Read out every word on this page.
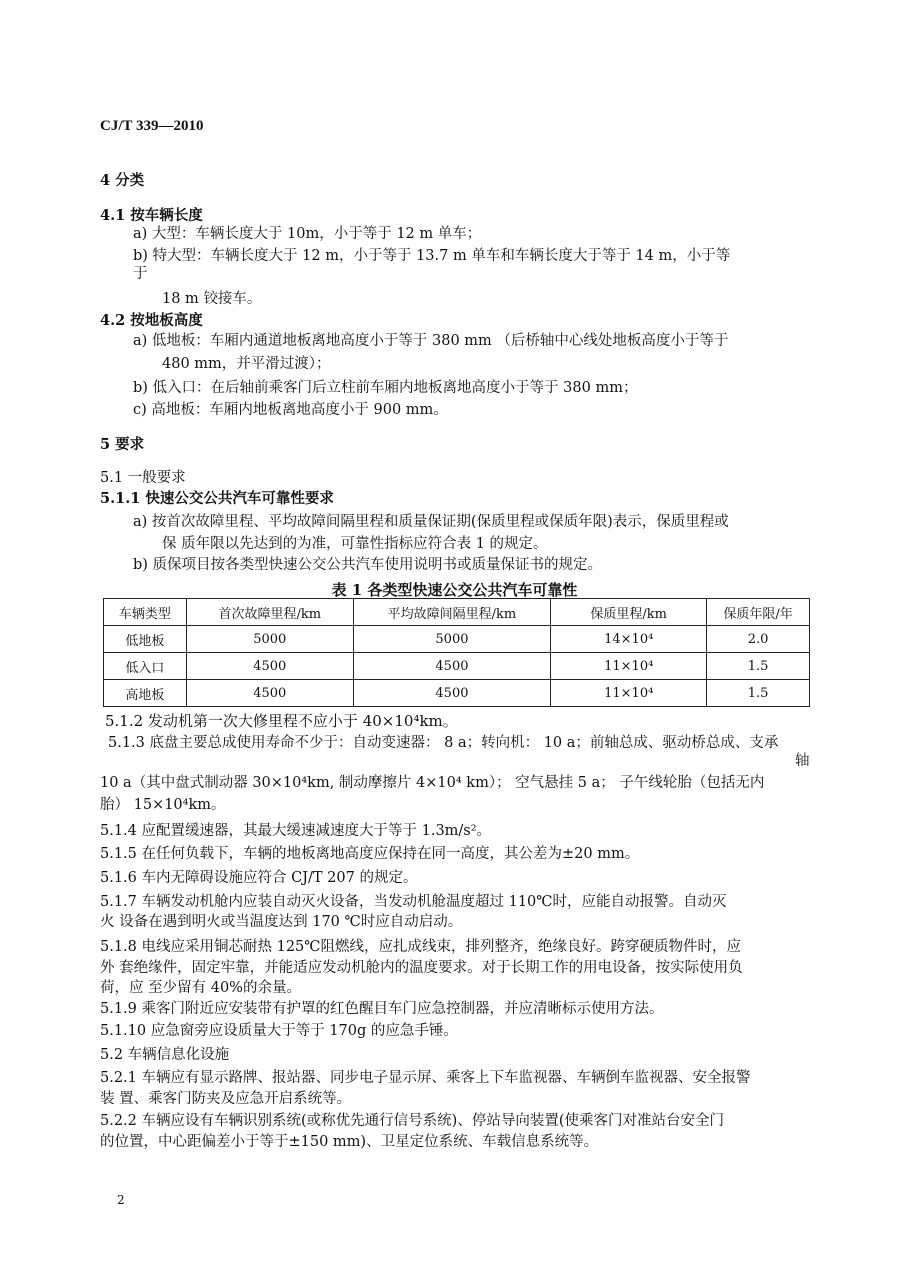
CJ/T 339—2010
4 分类
4.1 按车辆长度
a) 大型：车辆长度大于 10m，小于等于 12 m 单车；
b) 特大型：车辆长度大于 12 m，小于等于 13.7 m 单车和车辆长度大于等于 14 m，小于等
于
18 m 铰接车。
4.2 按地板高度
a) 低地板：车厢内通道地板离地高度小于等于 380 mm （后桥轴中心线处地板高度小于等于
480 mm，并平滑过渡）；
b) 低入口：在后轴前乘客门后立柱前车厢内地板离地高度小于等于 380 mm；
c) 高地板：车厢内地板离地高度小于 900 mm。
5 要求
5.1 一般要求
5.1.1 快速公交公共汽车可靠性要求
a) 按首次故障里程、平均故障间隔里程和质量保证期(保质里程或保质年限)表示，保质里程或
保 质年限以先达到的为准，可靠性指标应符合表 1 的规定。
b) 质保项目按各类型快速公交公共汽车使用说明书或质量保证书的规定。
5.1.2 发动机第一次大修里程不应小于 40×10⁴km。
5.1.3 底盘主要总成使用寿命不少于：自动变速器： 8 a；转向机： 10 a；前轴总成、驱动桥总成、支承
轴
10 a（其中盘式制动器 30×10⁴km, 制动摩擦片 4×10⁴ km）； 空气悬挂 5 a； 子午线轮胎（包括无内
胎） 15×10⁴km。
5.1.4 应配置缓速器，其最大缓速减速度大于等于 1.3m/s²。
5.1.5 在任何负载下，车辆的地板离地高度应保持在同一高度，其公差为±20 mm。
5.1.6 车内无障碍设施应符合 CJ/T 207 的规定。
5.1.7 车辆发动机舱内应装自动灭火设备，当发动机舱温度超过 110℃时，应能自动报警。自动灭
火 设备在遇到明火或当温度达到 170 ℃时应自动启动。
5.1.8 电线应采用铜芯耐热 125℃阻燃线，应扎成线束，排列整齐，绝缘良好。跨穿硬质物件时，应
外 套绝缘件，固定牢靠，并能适应发动机舱内的温度要求。对于长期工作的用电设备，按实际使用负
荷，应 至少留有 40%的余量。
5.1.9 乘客门附近应安装带有护罩的红色醒目车门应急控制器，并应清晰标示使用方法。
5.1.10 应急窗旁应设质量大于等于 170g 的应急手锤。
5.2 车辆信息化设施
5.2.1 车辆应有显示路牌、报站器、同步电子显示屏、乘客上下车监视器、车辆倒车监视器、安全报警
装 置、乘客门防夹及应急开启系统等。
5.2.2 车辆应设有车辆识别系统(或称优先通行信号系统)、停站导向装置(使乘客门对准站台安全门
的位置，中心距偏差小于等于±150 mm)、卫星定位系统、车载信息系统等。
表 1 各类型快速公交公共汽车可靠性
车辆类型	首次故障里程/km	平均故障间隔里程/km	保质里程/km	保质年限/年
低地板	5000	5000	14×10⁴	2.0
低入口	4500	4500	11×10⁴	1.5
高地板	4500	4500	11×10⁴	1.5
2
